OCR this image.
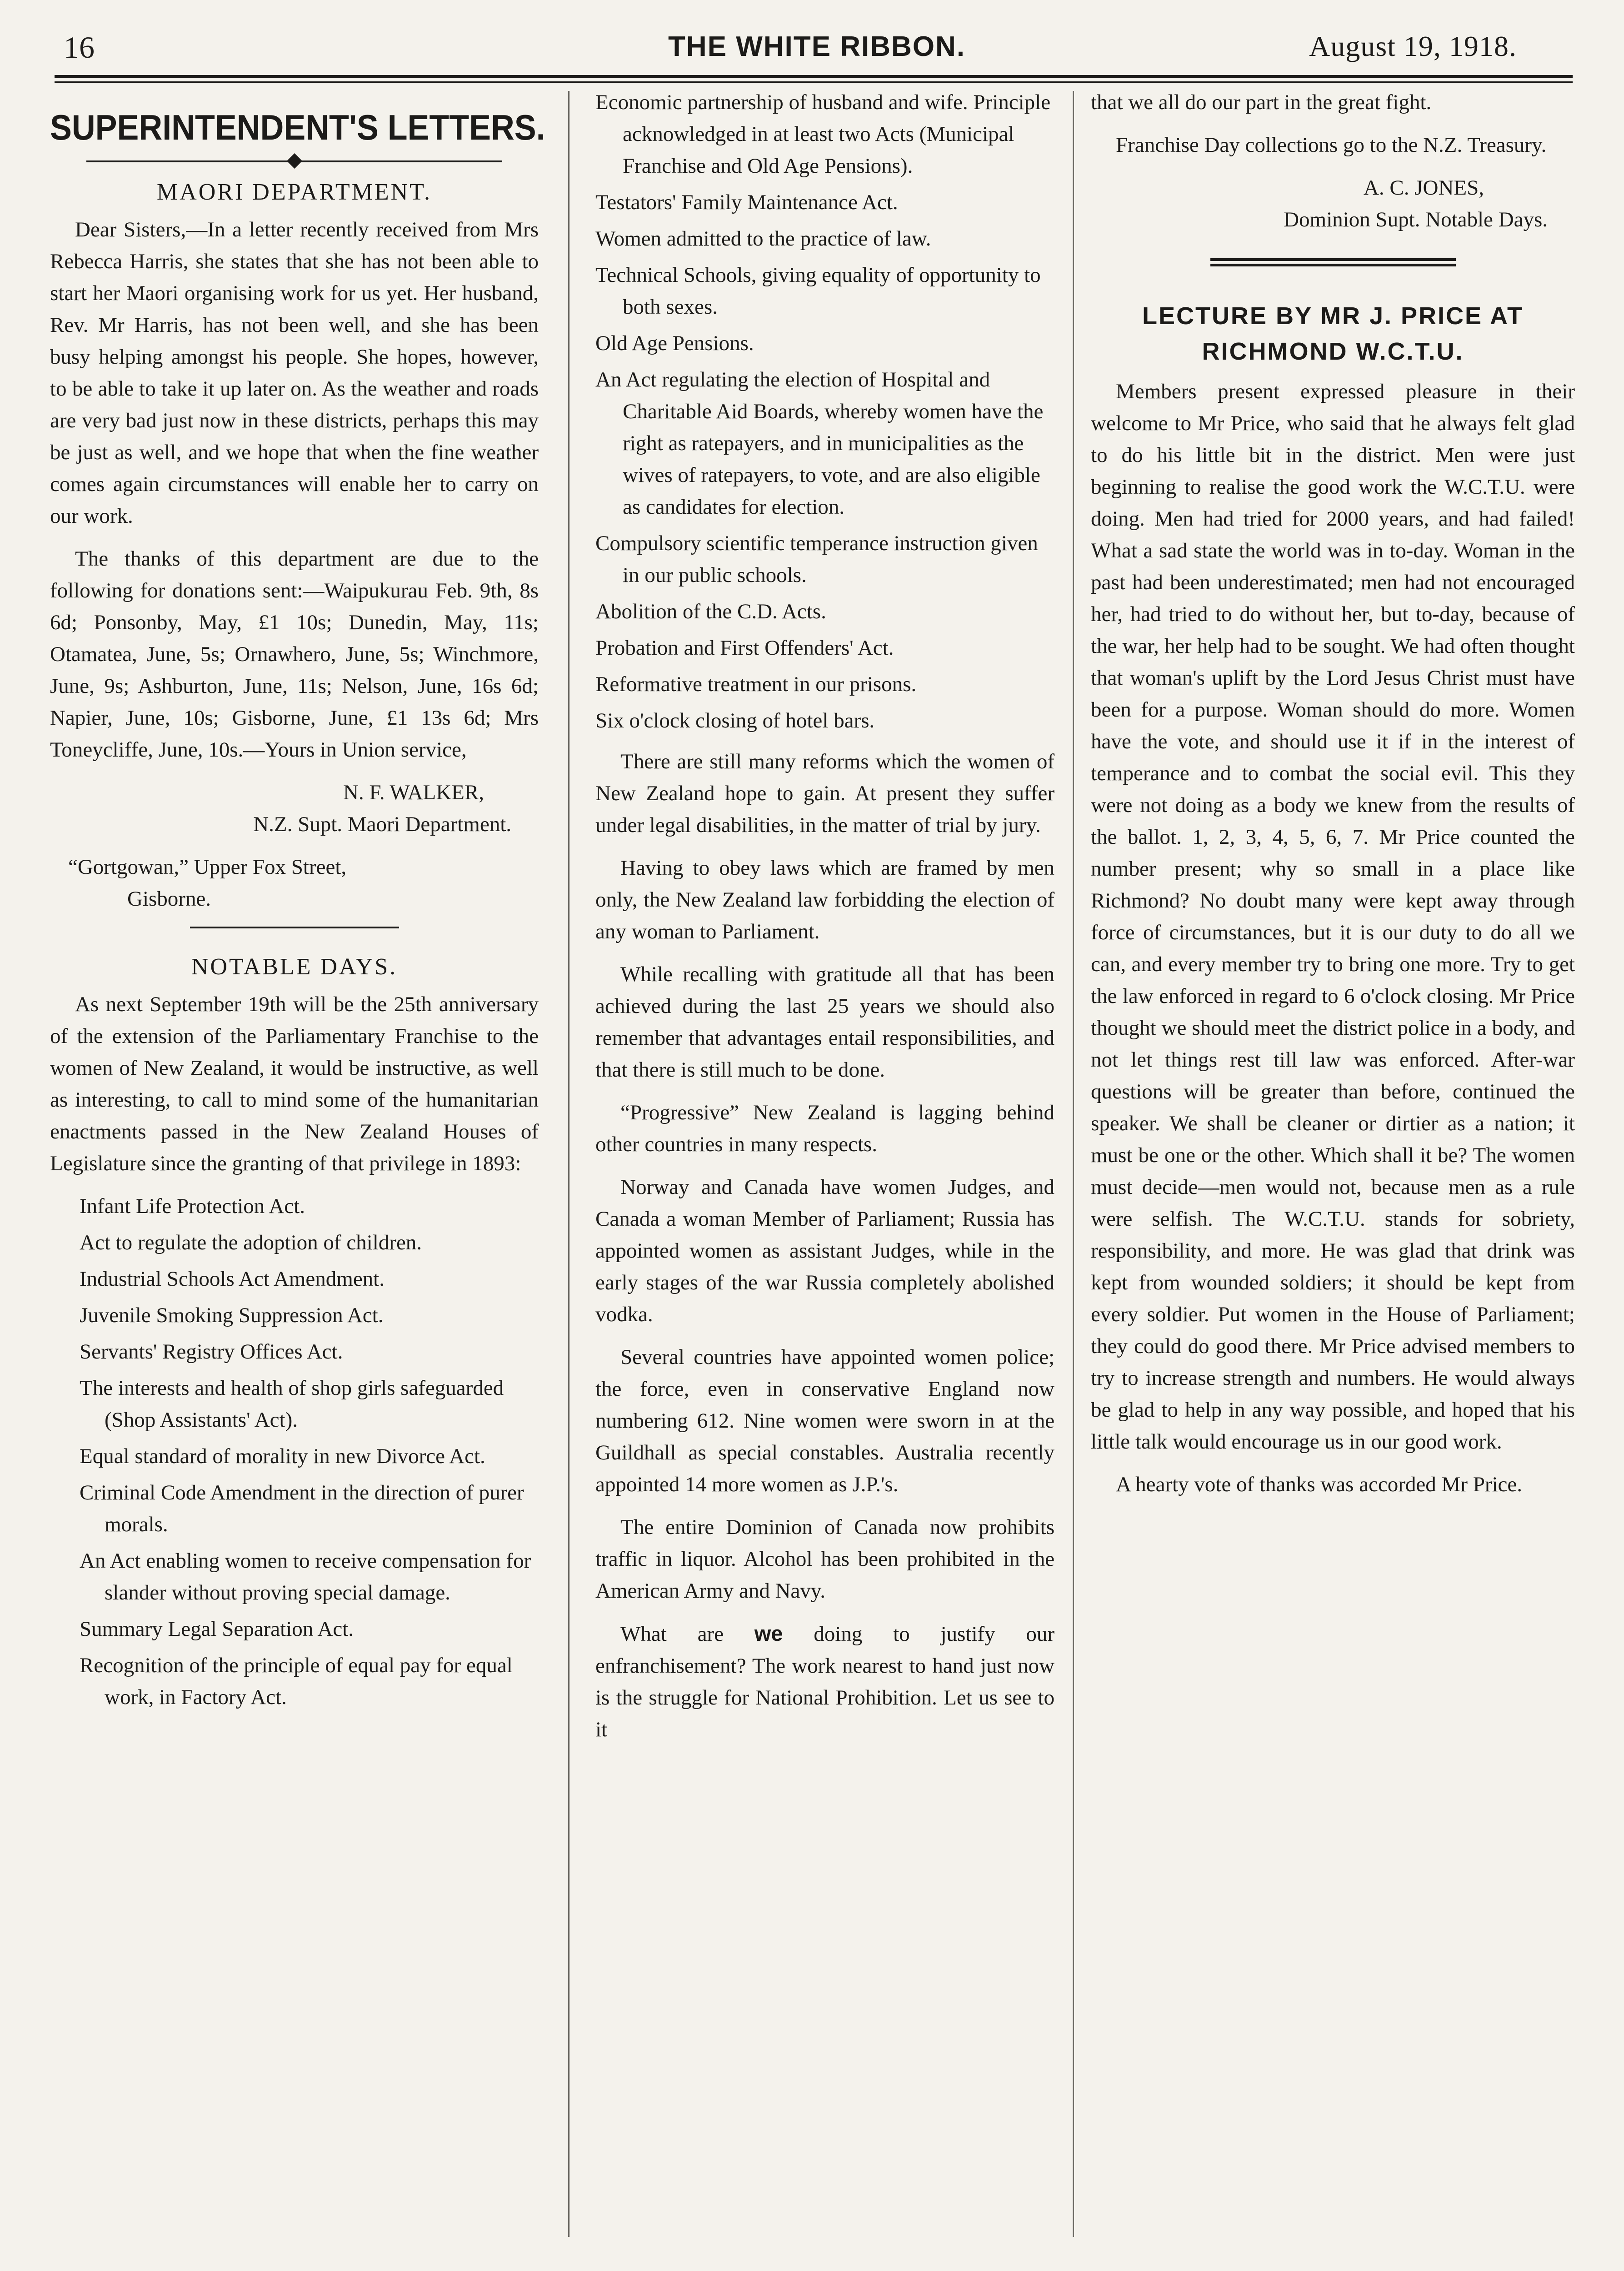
16	THE WHITE RIBBON.	August 19, 1918.
SUPERINTENDENT'S LETTERS.
MAORI DEPARTMENT.

Dear Sisters,—In a letter recently received from Mrs Rebecca Harris, she states that she has not been able to start her Maori organising work for us yet. Her husband, Rev. Mr Harris, has not been well, and she has been busy helping amongst his people. She hopes, however, to be able to take it up later on. As the weather and roads are very bad just now in these districts, perhaps this may be just as well, and we hope that when the fine weather comes again circumstances will enable her to carry on our work.

The thanks of this department are due to the following for donations sent:—Waipukurau Feb. 9th, 8s 6d; Ponsonby, May, £1 10s; Dunedin, May, 11s; Otamatea, June, 5s; Ornawhero, June, 5s; Winchmore, June, 9s; Ashburton, June, 11s; Nelson, June, 16s 6d; Napier, June, 10s; Gisborne, June, £1 13s 6d; Mrs Toneycliffe, June, 10s.—Yours in Union service,

N. F. WALKER,

N.Z. Supt. Maori Department.

“Gortgowan,” Upper Fox Street,

Gisborne.

NOTABLE DAYS.

As next September 19th will be the 25th anniversary of the extension of the Parliamentary Franchise to the women of New Zealand, it would be instructive, as well as interesting, to call to mind some of the humanitarian enactments passed in the New Zealand Houses of Legislature since the granting of that privilege in 1893:

Infant Life Protection Act.
Act to regulate the adoption of children.
Industrial Schools Act Amendment.
Juvenile Smoking Suppression Act.
Servants' Registry Offices Act.
The interests and health of shop girls safeguarded (Shop Assistants' Act).
Equal standard of morality in new Divorce Act.
Criminal Code Amendment in the direction of purer morals.
An Act enabling women to receive compensation for slander without proving special damage.
Summary Legal Separation Act.
Recognition of the principle of equal pay for equal work, in Factory Act.
Economic partnership of husband and wife. Principle acknowledged in at least two Acts (Municipal Franchise and Old Age Pensions).
Testators' Family Maintenance Act.
Women admitted to the practice of law.
Technical Schools, giving equality of opportunity to both sexes.
Old Age Pensions.
An Act regulating the election of Hospital and Charitable Aid Boards, whereby women have the right as ratepayers, and in municipalities as the wives of ratepayers, to vote, and are also eligible as candidates for election.
Compulsory scientific temperance instruction given in our public schools.
Abolition of the C.D. Acts.
Probation and First Offenders' Act.
Reformative treatment in our prisons.
Six o'clock closing of hotel bars.

There are still many reforms which the women of New Zealand hope to gain. At present they suffer under legal disabilities, in the matter of trial by jury.

Having to obey laws which are framed by men only, the New Zealand law forbidding the election of any woman to Parliament.

While recalling with gratitude all that has been achieved during the last 25 years we should also remember that advantages entail responsibilities, and that there is still much to be done.

“Progressive” New Zealand is lagging behind other countries in many respects.

Norway and Canada have women Judges, and Canada a woman Member of Parliament; Russia has appointed women as assistant Judges, while in the early stages of the war Russia completely abolished vodka.

Several countries have appointed women police; the force, even in conservative England now numbering 612. Nine women were sworn in at the Guildhall as special constables. Australia recently appointed 14 more women as J.P.'s.

The entire Dominion of Canada now prohibits traffic in liquor. Alcohol has been prohibited in the American Army and Navy.

What are we doing to justify our enfranchisement? The work nearest to hand just now is the struggle for National Prohibition. Let us see to it

that we all do our part in the great fight.

Franchise Day collections go to the N.Z. Treasury.

A. C. JONES,

Dominion Supt. Notable Days.

LECTURE BY MR J. PRICE AT
RICHMOND W.C.T.U.

Members present expressed pleasure in their welcome to Mr Price, who said that he always felt glad to do his little bit in the district. Men were just beginning to realise the good work the W.C.T.U. were doing. Men had tried for 2000 years, and had failed! What a sad state the world was in to-day. Woman in the past had been underestimated; men had not encouraged her, had tried to do without her, but to-day, because of the war, her help had to be sought. We had often thought that woman's uplift by the Lord Jesus Christ must have been for a purpose. Woman should do more. Women have the vote, and should use it if in the interest of temperance and to combat the social evil. This they were not doing as a body we knew from the results of the ballot. 1, 2, 3, 4, 5, 6, 7. Mr Price counted the number present; why so small in a place like Richmond? No doubt many were kept away through force of circumstances, but it is our duty to do all we can, and every member try to bring one more. Try to get the law enforced in regard to 6 o'clock closing. Mr Price thought we should meet the district police in a body, and not let things rest till law was enforced. After-war questions will be greater than before, continued the speaker. We shall be cleaner or dirtier as a nation; it must be one or the other. Which shall it be? The women must decide—men would not, because men as a rule were selfish. The W.C.T.U. stands for sobriety, responsibility, and more. He was glad that drink was kept from wounded soldiers; it should be kept from every soldier. Put women in the House of Parliament; they could do good there. Mr Price advised members to try to increase strength and numbers. He would always be glad to help in any way possible, and hoped that his little talk would encourage us in our good work.

A hearty vote of thanks was accorded Mr Price.
